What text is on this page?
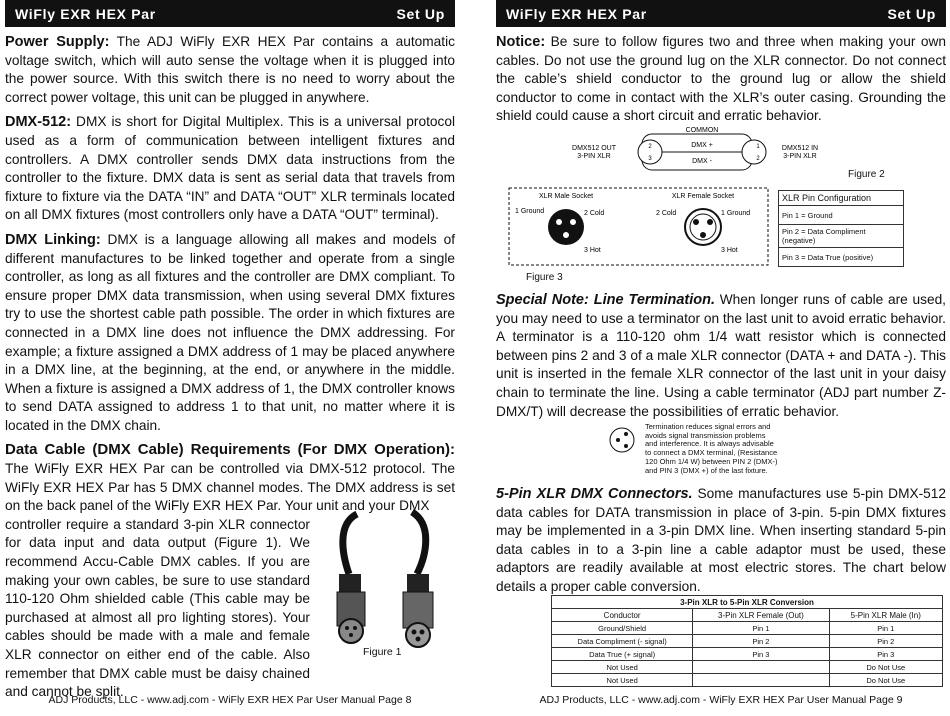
WiFly EXR HEX Par	Set Up

Power Supply: The ADJ WiFly EXR HEX Par contains a automatic voltage switch, which will auto sense the voltage when it is plugged into the power source. With this switch there is no need to worry about the correct power voltage, this unit can be plugged in anywhere.

DMX-512: DMX is short for Digital Multiplex. This is a universal protocol used as a form of communication between intelligent fixtures and controllers. A DMX controller sends DMX data instructions from the controller to the fixture. DMX data is sent as serial data that travels from fixture to fixture via the DATA “IN” and DATA “OUT” XLR terminals located on all DMX fixtures (most controllers only have a DATA “OUT” terminal).

DMX Linking: DMX is a language allowing all makes and models of different manufactures to be linked together and operate from a single controller, as long as all fixtures and the controller are DMX compliant. To ensure proper DMX data transmission, when using several DMX fixtures try to use the shortest cable path possible. The order in which fixtures are connected in a DMX line does not influence the DMX addressing. For example; a fixture assigned a DMX address of 1 may be placed anywhere in a DMX line, at the beginning, at the end, or anywhere in the middle. When a fixture is assigned a DMX address of 1, the DMX controller knows to send DATA assigned to address 1 to that unit, no matter where it is located in the DMX chain.

Data Cable (DMX Cable) Requirements (For DMX Operation): The WiFly EXR HEX Par can be controlled via DMX-512 protocol. The WiFly EXR HEX Par has 5 DMX channel modes. The DMX address is set on the back panel of the WiFly EXR HEX Par. Your unit and your DMX

controller require a standard 3-pin XLR connector for data input and data output (Figure 1). We recommend Accu-Cable DMX cables. If you are making your own cables, be sure to use standard 110-120 Ohm shielded cable (This cable may be purchased at almost all pro lighting stores). Your cables should be made with a male and female XLR connector on either end of the cable. Also remember that DMX cable must be daisy chained and cannot be split.

Figure 1
ADJ Products, LLC - www.adj.com - WiFly EXR HEX Par User Manual Page 8
WiFly EXR HEX Par	Set Up

Notice: Be sure to follow figures two and three when making your own cables. Do not use the ground lug on the XLR connector. Do not connect the cable’s shield conductor to the ground lug or allow the shield conductor to come in contact with the XLR’s outer casing. Grounding the shield could cause a short circuit and erratic behavior.

COMMON
DMX +
DMX -
2
3
1
2
DMX512 OUT
3-PIN XLR
DMX512 IN
3-PIN XLR
Figure 2
XLR Male Socket	XLR Female Socket
1 Ground	2 Cold
3 Hot
2 Cold	1 Ground
3 Hot
XLR Pin Configuration
Pin 1 = Ground
Pin 2 = Data Compliment (negative)
Pin 3 = Data True (positive)
Figure 3

Special Note: Line Termination. When longer runs of cable are used, you may need to use a terminator on the last unit to avoid erratic behavior. A terminator is a 110-120 ohm 1/4 watt resistor which is connected between pins 2 and 3 of a male XLR connector (DATA + and DATA -). This unit is inserted in the female XLR connector of the last unit in your daisy chain to terminate the line. Using a cable terminator (ADJ part number Z-DMX/T) will decrease the possibilities of erratic behavior.

Termination reduces signal errors and
avoids signal transmission problems
and interference. It is always advisable
to connect a DMX terminal, (Resistance
120 Ohm 1/4 W) between PIN 2 (DMX-)
and PIN 3 (DMX +) of the last fixture.

5-Pin XLR DMX Connectors. Some manufactures use 5-pin DMX-512 data cables for DATA transmission in place of 3-pin. 5-pin DMX fixtures may be implemented in a 3-pin DMX line. When inserting standard 5-pin data cables in to a 3-pin line a cable adaptor must be used, these adaptors are readily available at most electric stores. The chart below details a proper cable conversion.

3-Pin XLR to 5-Pin XLR Conversion		
Conductor	3-Pin XLR Female (Out)	5-Pin XLR Male (In)
Ground/Shield	Pin 1	Pin 1
Data Compliment (- signal)	Pin 2	Pin 2
Data True (+ signal)	Pin 3	Pin 3
Not Used		Do Not Use
Not Used		Do Not Use
ADJ Products, LLC - www.adj.com - WiFly EXR HEX Par User Manual Page 9
